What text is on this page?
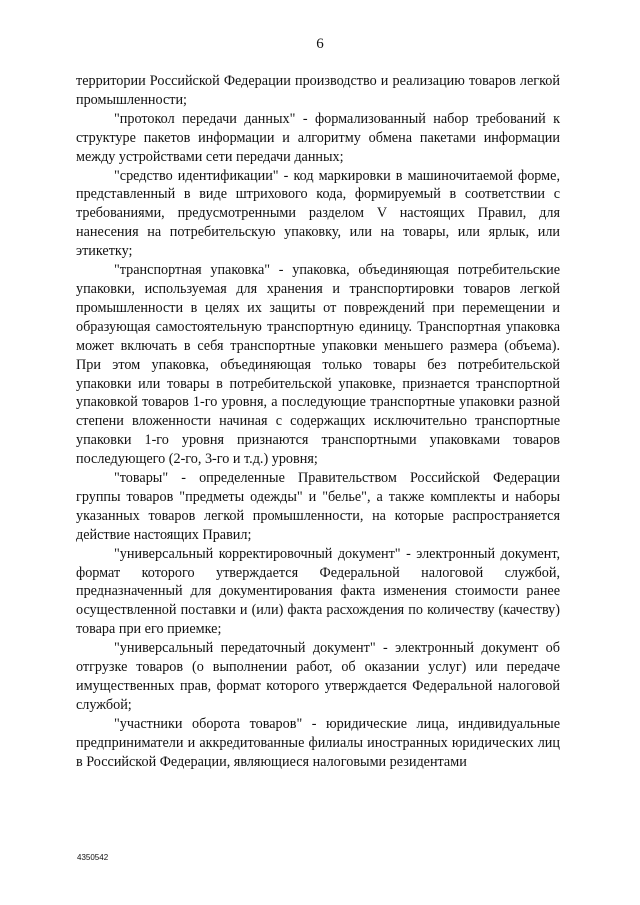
6

территории Российской Федерации производство и реализацию товаров легкой промышленности;

"протокол передачи данных" - формализованный набор требований к структуре пакетов информации и алгоритму обмена пакетами информации между устройствами сети передачи данных;

"средство идентификации" - код маркировки в машиночитаемой форме, представленный в виде штрихового кода, формируемый в соответствии с требованиями, предусмотренными разделом V настоящих Правил, для нанесения на потребительскую упаковку, или на товары, или ярлык, или этикетку;

"транспортная упаковка" - упаковка, объединяющая потребительские упаковки, используемая для хранения и транспортировки товаров легкой промышленности в целях их защиты от повреждений при перемещении и образующая самостоятельную транспортную единицу. Транспортная упаковка может включать в себя транспортные упаковки меньшего размера (объема). При этом упаковка, объединяющая только товары без потребительской упаковки или товары в потребительской упаковке, признается транспортной упаковкой товаров 1-го уровня, а последующие транспортные упаковки разной степени вложенности начиная с содержащих исключительно транспортные упаковки 1-го уровня признаются транспортными упаковками товаров последующего (2-го, 3-го и т.д.) уровня;

"товары" - определенные Правительством Российской Федерации группы товаров "предметы одежды" и "белье", а также комплекты и наборы указанных товаров легкой промышленности, на которые распространяется действие настоящих Правил;

"универсальный корректировочный документ" - электронный документ, формат которого утверждается Федеральной налоговой службой, предназначенный для документирования факта изменения стоимости ранее осуществленной поставки и (или) факта расхождения по количеству (качеству) товара при его приемке;

"универсальный передаточный документ" - электронный документ об отгрузке товаров (о выполнении работ, об оказании услуг) или передаче имущественных прав, формат которого утверждается Федеральной налоговой службой;

"участники оборота товаров" - юридические лица, индивидуальные предприниматели и аккредитованные филиалы иностранных юридических лиц в Российской Федерации, являющиеся налоговыми резидентами

4350542
